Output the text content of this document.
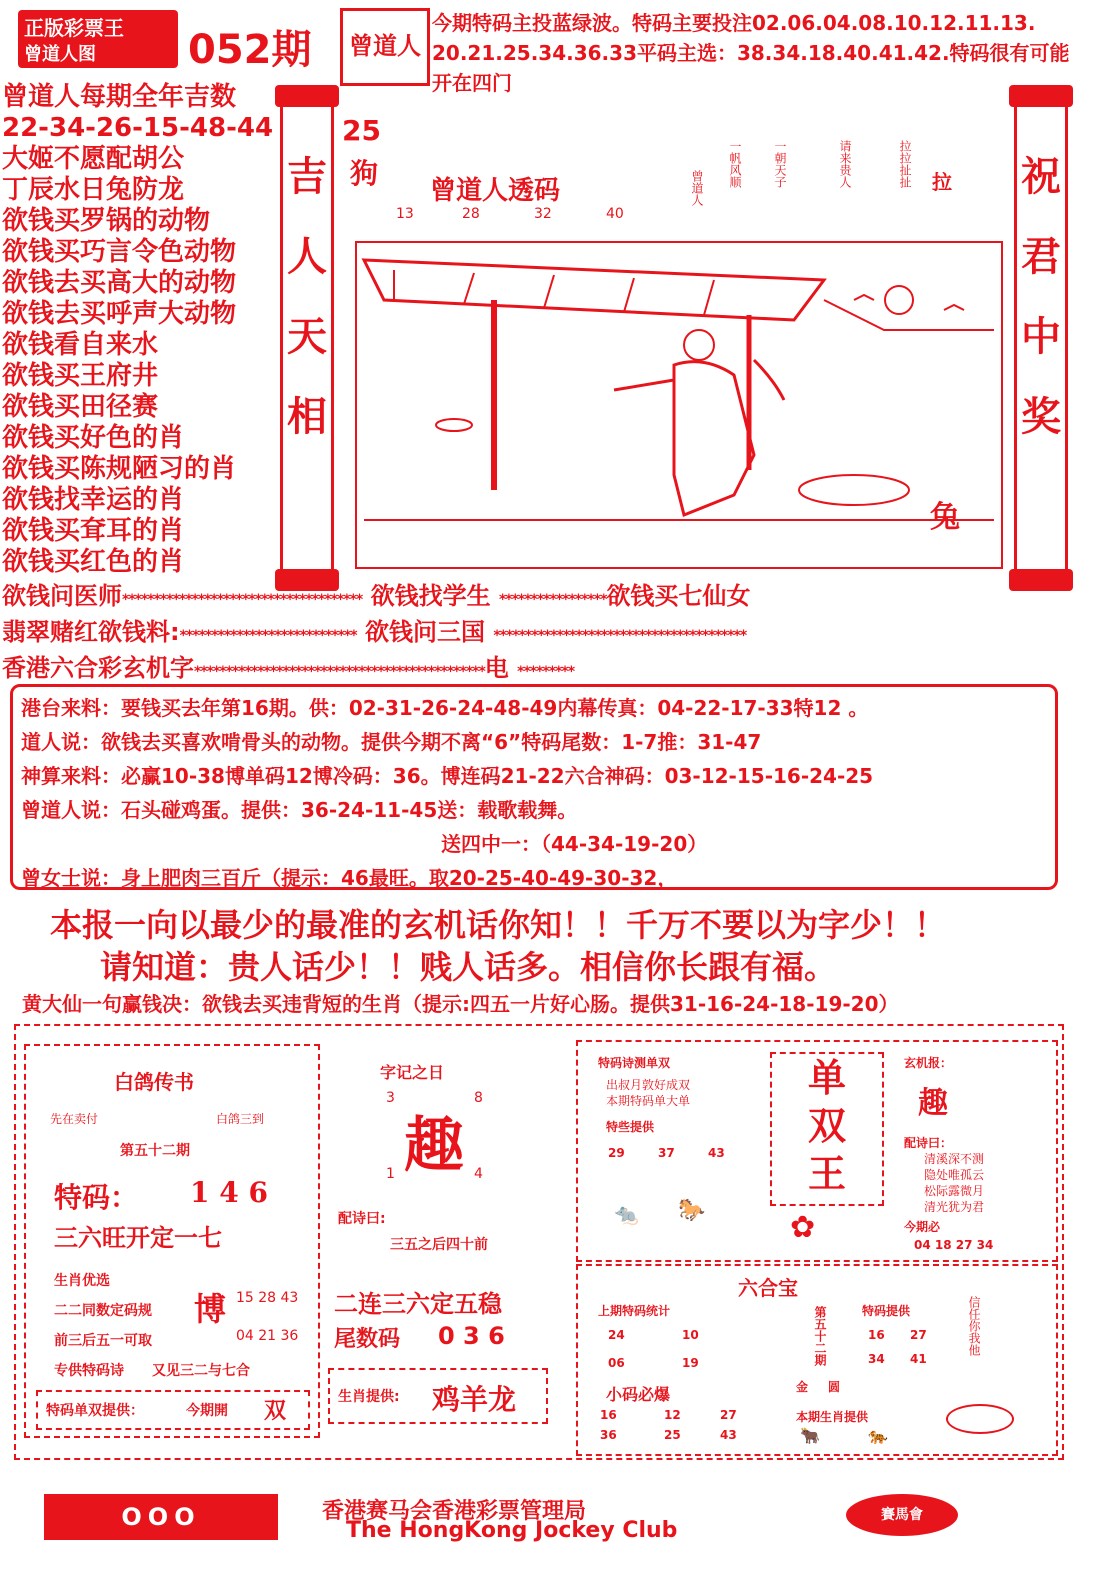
正版彩票王
曾道人图 052期	曾道人
今期特码主投蓝绿波。特码主要投注02.06.04.08.10.12.11.13.
20.21.25.34.36.33平码主选：38.34.18.40.41.42.特码很有可能
开在四门
曾道人每期全年吉数
22-34-26-15-48-44
大姬不愿配胡公
丁辰水日兔防龙
欲钱买罗锅的动物
欲钱买巧言令色动物
欲钱去买高大的动物
欲钱去买呼声大动物
欲钱看自来水
欲钱买王府井
欲钱买田径赛
欲钱买好色的肖
欲钱买陈规陋习的肖
欲钱找幸运的肖
欲钱买耷耳的肖
欲钱买红色的肖
吉
人
天
相
祝
君
中
奖
25
狗
曾道人透码
13	28	32	40
曾道人 一帆风顺	一朝天子	请来贵人	拉拉扯扯 拉
兔
欲钱问医师************************************** 欲钱找学生 *****************欲钱买七仙女
翡翠赌红欲钱料:**************************** 欲钱问三国 ****************************************
香港六合彩玄机字**********************************************电 *********
港台来料：要钱买去年第16期。供：02-31-26-24-48-49内幕传真：04-22-17-33特12 。
道人说：欲钱去买喜欢啃骨头的动物。提供今期不离“6”特码尾数：1-7推：31-47
神算来料：必赢10-38博单码12博冷码：36。博连码21-22六合神码：03-12-15-16-24-25
曾道人说：石头碰鸡蛋。提供：36-24-11-45送：载歌载舞。
送四中一：（44-34-19-20）
曾女士说：身上肥肉三百斤（提示：46最旺。取20-25-40-49-30-32，
本报一向以最少的最准的玄机话你知！！千万不要以为字少！！
请知道：贵人话少！！贱人话多。相信你长跟有福。
黄大仙一句赢钱决：欲钱去买违背短的生肖（提示:四五一片好心肠。提供31-16-24-18-19-20）
白鸽传书
先在卖付	白鸽三到
第五十二期
特码： 1 4 6
三六旺开定一七
生肖优选
二二同数定码规
前三后五一可取
专供特码诗 又见三二与七合
博 15 28 43
04 21 36
特码单双提供：	今期開 双
字记之日
3	8
趣
1	4
配诗曰:
三五之后四十前
二连三六定五稳
尾数码 0 3 6
生肖提供: 鸡羊龙
特码诗测单双
出叔月敦好成双
本期特码单大单
特些提供
29	37	43
🐀 🐎
单
双
王
✿
玄机报：
趣
配诗曰：
清溪深不测
隐处唯孤云
松际露微月
清光犹为君
今期必
04 18 27 34
六合宝
上期特码统计
24	10
06	19	第五十二期
金 圆
特码提供
16 27
34 41
信任你我他
小码必爆
16	12	27
36	25	43
本期生肖提供
🐂	🐅
OOO	香港赛马会香港彩票管理局
The HongKong Jockey Club
賽馬會
